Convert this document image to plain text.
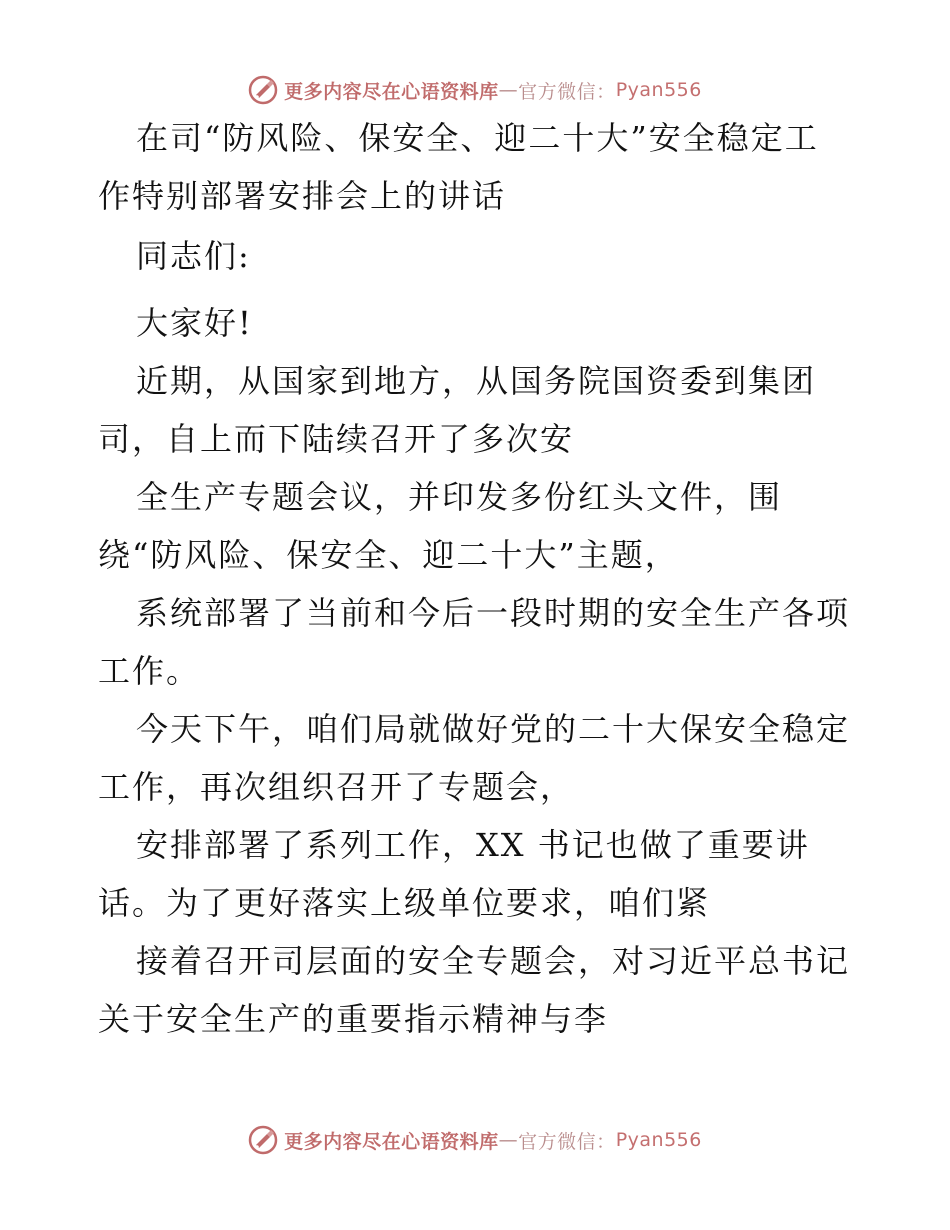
更多内容尽在心语资料库 — 官方微信： Pyan556
在司“防风险、保安全、迎二十大”安全稳定工
作特别部署安排会上的讲话
同志们:
大家好!
近期，从国家到地方，从国务院国资委到集团
司，自上而下陆续召开了多次安
全生产专题会议，并印发多份红头文件，围
绕“防风险、保安全、迎二十大”主题，
系统部署了当前和今后一段时期的安全生产各项
工作。
今天下午，咱们局就做好党的二十大保安全稳定
工作，再次组织召开了专题会，
安排部署了系列工作，XX 书记也做了重要讲
话。为了更好落实上级单位要求，咱们紧
接着召开司层面的安全专题会，对习近平总书记
关于安全生产的重要指示精神与李
更多内容尽在心语资料库 — 官方微信： Pyan556
